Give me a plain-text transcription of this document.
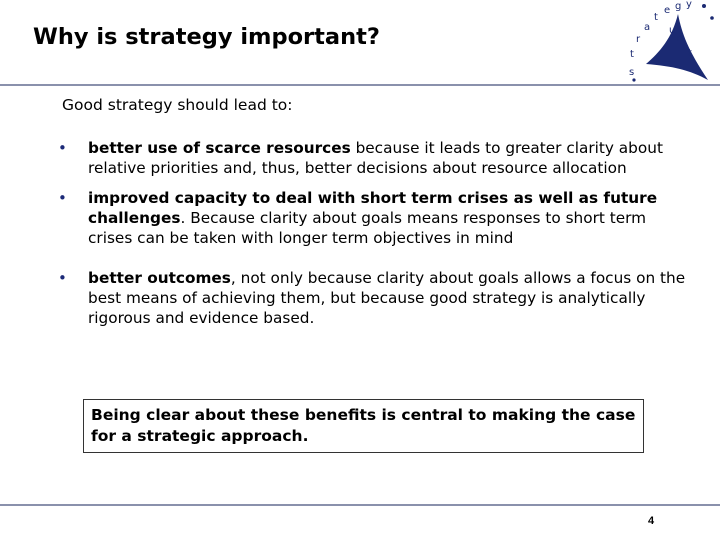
Why is strategy important?
s
t
r
a
t
e g y
u
n
i
t
Good strategy should lead to:
• better use of scarce resources because it leads to greater clarity about relative priorities and, thus, better decisions about resource allocation
• improved capacity to deal with short term crises as well as future challenges. Because clarity about goals means responses to short term crises can be taken with longer term objectives in mind
• better outcomes, not only because clarity about goals allows a focus on the best means of achieving them, but because good strategy is analytically rigorous and evidence based.
Being clear about these benefits is central to making the case for a strategic approach.
4
